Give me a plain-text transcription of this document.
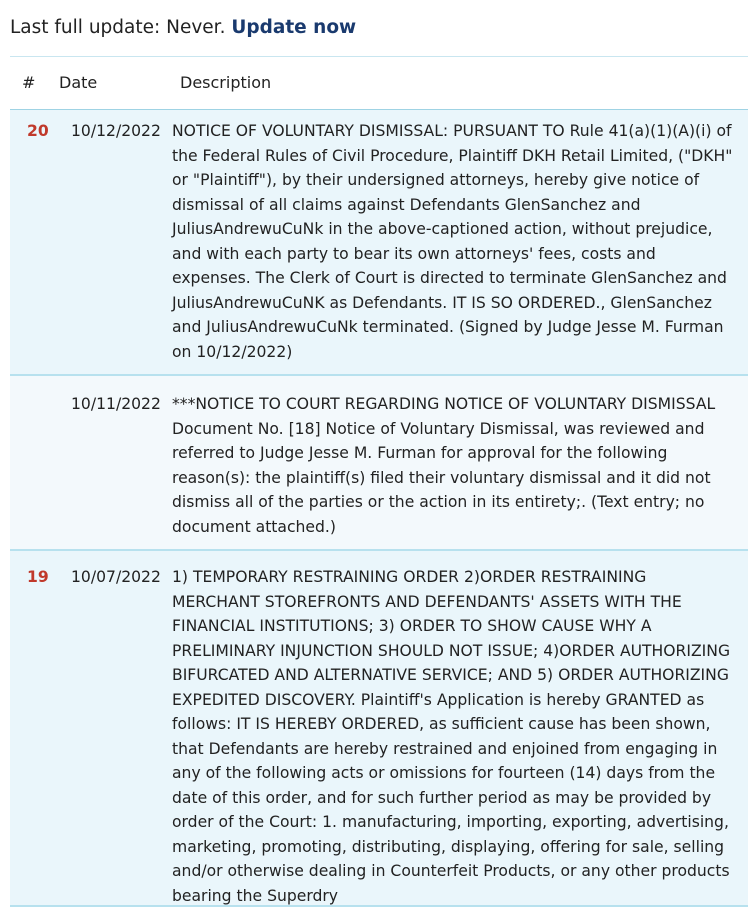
Last full update: Never. Update now
# Date	Description
20	10/12/2022 NOTICE OF VOLUNTARY DISMISSAL: PURSUANT TO Rule 41(a)(1)(A)(i) of the Federal Rules of Civil Procedure, Plaintiff DKH Retail Limited, ("DKH" or "Plaintiff"), by their undersigned attorneys, hereby give notice of dismissal of all claims against Defendants GlenSanchez and JuliusAndrewuCuNk in the above-captioned action, without prejudice, and with each party to bear its own attorneys' fees, costs and expenses. The Clerk of Court is directed to terminate GlenSanchez and JuliusAndrewuCuNK as Defendants. IT IS SO ORDERED., GlenSanchez and JuliusAndrewuCuNk terminated. (Signed by Judge Jesse M. Furman on 10/12/2022)
10/11/2022 ***NOTICE TO COURT REGARDING NOTICE OF VOLUNTARY DISMISSAL Document No. [18] Notice of Voluntary Dismissal, was reviewed and referred to Judge Jesse M. Furman for approval for the following reason(s): the plaintiff(s) filed their voluntary dismissal and it did not dismiss all of the parties or the action in its entirety;. (Text entry; no document attached.)
19	10/07/2022 1) TEMPORARY RESTRAINING ORDER 2)ORDER RESTRAINING MERCHANT STOREFRONTS AND DEFENDANTS' ASSETS WITH THE FINANCIAL INSTITUTIONS; 3) ORDER TO SHOW CAUSE WHY A PRELIMINARY INJUNCTION SHOULD NOT ISSUE; 4)ORDER AUTHORIZING BIFURCATED AND ALTERNATIVE SERVICE; AND 5) ORDER AUTHORIZING EXPEDITED DISCOVERY. Plaintiff's Application is hereby GRANTED as follows: IT IS HEREBY ORDERED, as sufficient cause has been shown, that Defendants are hereby restrained and enjoined from engaging in any of the following acts or omissions for fourteen (14) days from the date of this order, and for such further period as may be provided by order of the Court: 1. manufacturing, importing, exporting, advertising, marketing, promoting, distributing, displaying, offering for sale, selling and/or otherwise dealing in Counterfeit Products, or any other products bearing the Superdry
